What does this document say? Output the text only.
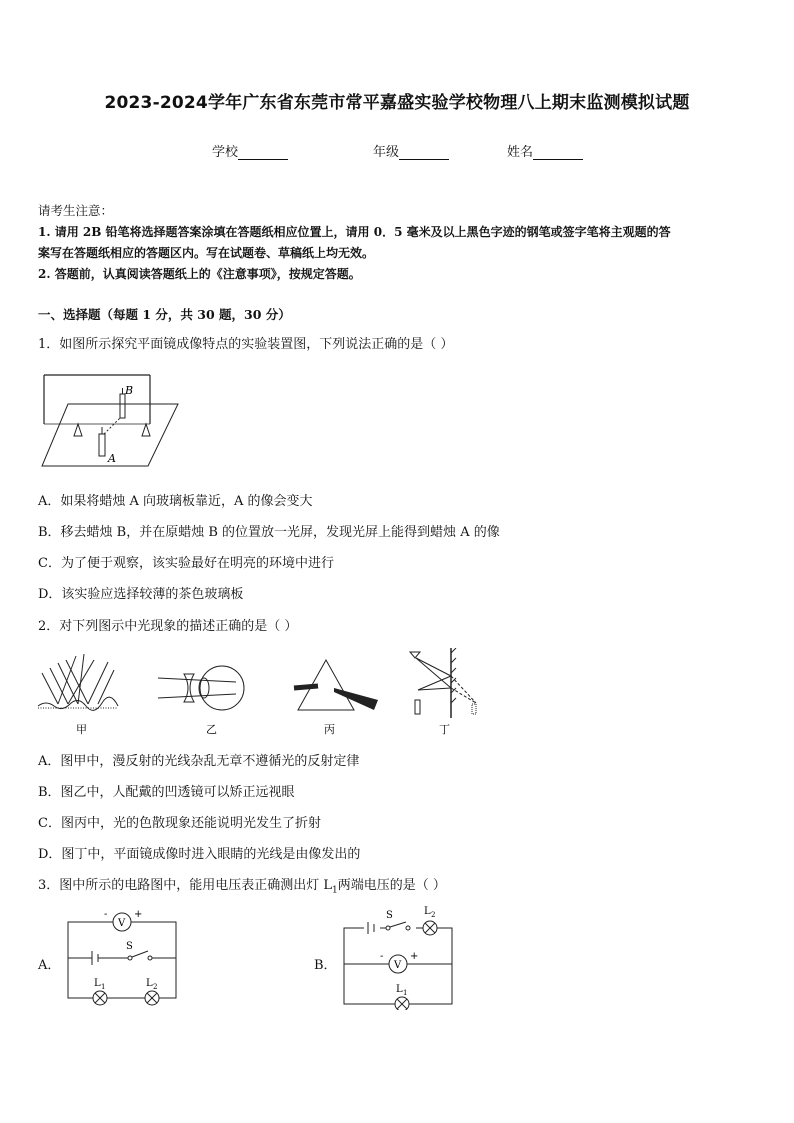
2023-2024学年广东省东莞市常平嘉盛实验学校物理八上期末监测模拟试题
学校	年级	姓名
请考生注意：
1. 请用 2B 铅笔将选择题答案涂填在答题纸相应位置上，请用 0．5 毫米及以上黑色字迹的钢笔或签字笔将主观题的答
案写在答题纸相应的答题区内。写在试题卷、草稿纸上均无效。
2. 答题前，认真阅读答题纸上的《注意事项》，按规定答题。
一、选择题（每题 1 分，共 30 题，30 分）
1．如图所示探究平面镜成像特点的实验装置图，下列说法正确的是（ ）
B
A
A．如果将蜡烛 A 向玻璃板靠近，A 的像会变大
B．移去蜡烛 B，并在原蜡烛 B 的位置放一光屏，发现光屏上能得到蜡烛 A 的像
C．为了便于观察，该实验最好在明亮的环境中进行
D．该实验应选择较薄的茶色玻璃板
2．对下列图示中光现象的描述正确的是（ ）
甲	乙	丙	丁
A．图甲中，漫反射的光线杂乱无章不遵循光的反射定律
B．图乙中，人配戴的凹透镜可以矫正远视眼
C．图丙中，光的色散现象还能说明光发生了折射
D．图丁中，平面镜成像时进入眼睛的光线是由像发出的
3．图中所示的电路图中，能用电压表正确测出灯 $L_1$两端电压的是（ ）
A．
V
-	+
S
L 1	L 2
B．
S	L 2
V
-	+
L 1
